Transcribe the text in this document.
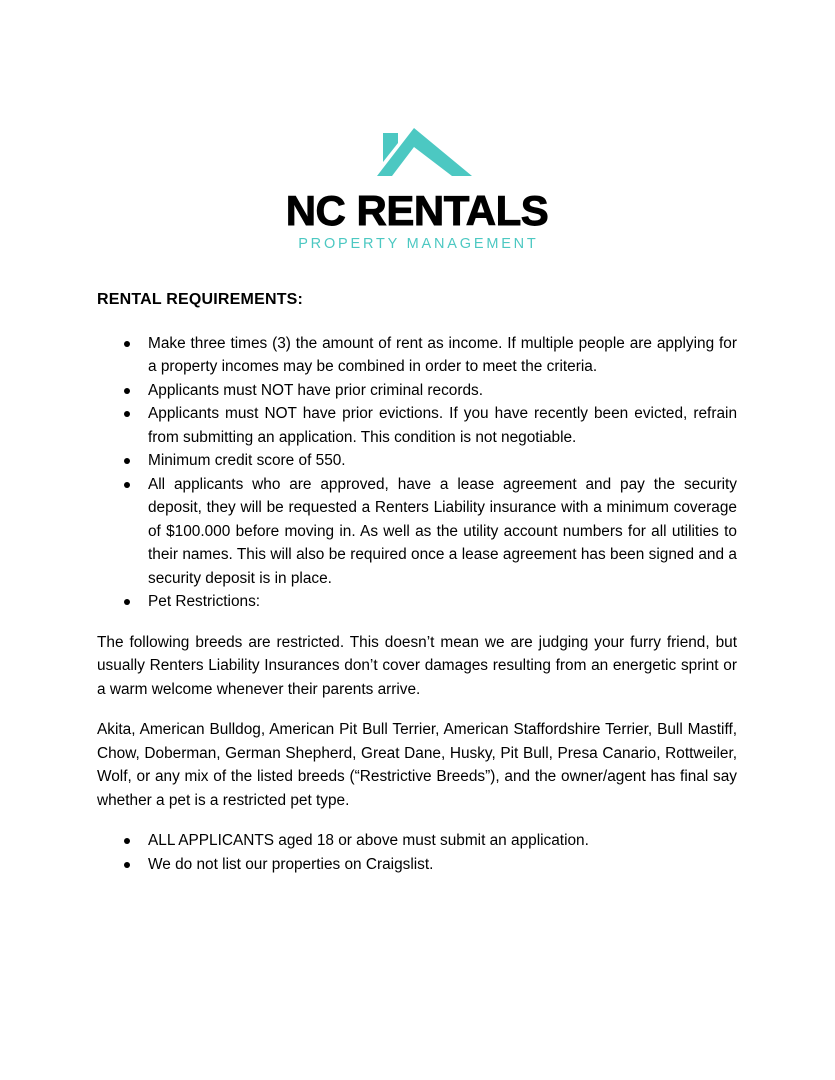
NC RENTALS
PROPERTY MANAGEMENT
RENTAL REQUIREMENTS:
Make three times (3) the amount of rent as income. If multiple people are applying for a property incomes may be combined in order to meet the criteria.
Applicants must NOT have prior criminal records.
Applicants must NOT have prior evictions. If you have recently been evicted, refrain from submitting an application. This condition is not negotiable.
Minimum credit score of 550.
All applicants who are approved, have a lease agreement and pay the security deposit, they will be requested a Renters Liability insurance with a minimum coverage of $100.000 before moving in. As well as the utility account numbers for all utilities to their names. This will also be required once a lease agreement has been signed and a security deposit is in place.
Pet Restrictions:

The following breeds are restricted. This doesn’t mean we are judging your furry friend, but usually Renters Liability Insurances don’t cover damages resulting from an energetic sprint or a warm welcome whenever their parents arrive.

Akita, American Bulldog, American Pit Bull Terrier, American Staffordshire Terrier, Bull Mastiff, Chow, Doberman, German Shepherd, Great Dane, Husky, Pit Bull, Presa Canario, Rottweiler, Wolf, or any mix of the listed breeds (“Restrictive Breeds”), and the owner/agent has final say whether a pet is a restricted pet type.

ALL APPLICANTS aged 18 or above must submit an application.
We do not list our properties on Craigslist.
